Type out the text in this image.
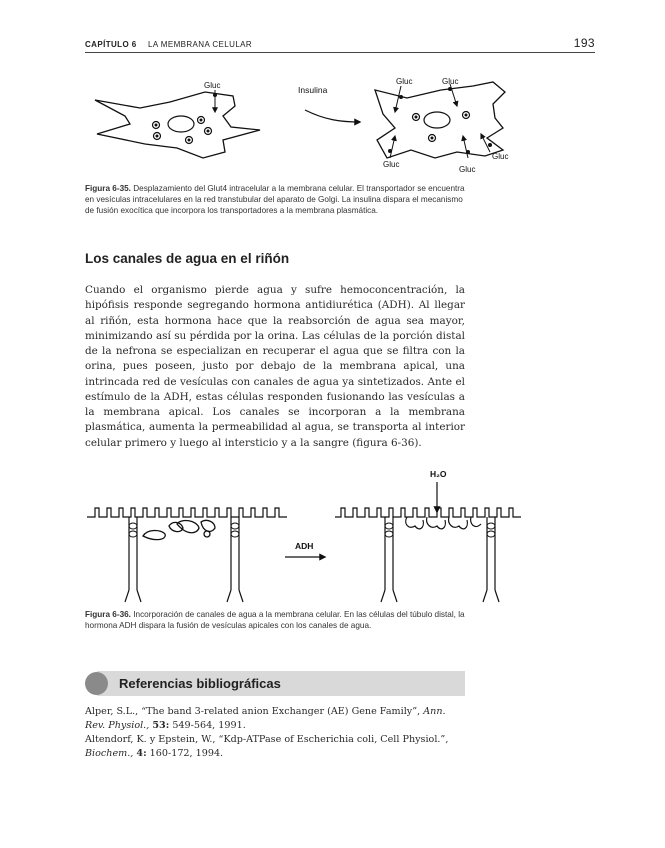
CAPÍTULO 6 LA MEMBRANA CELULAR	193
Gluc	Insulina
Gluc	Gluc
Gluc
Gluc
Gluc
Figura 6-35. Desplazamiento del Glut4 intracelular a la membrana celular. El transportador se encuentra en vesículas intracelulares en la red transtubular del aparato de Golgi. La insulina dispara el mecanismo de fusión exocítica que incorpora los transportadores a la membrana plasmática.
Los canales de agua en el riñón

Cuando el organismo pierde agua y sufre hemoconcentración, la hipófisis responde segregando hormona antidiurética (ADH). Al llegar al riñón, esta hormona hace que la reabsorción de agua sea mayor, minimizando así su pérdida por la orina. Las células de la porción distal de la nefrona se especializan en recuperar el agua que se filtra con la orina, pues poseen, justo por debajo de la membrana apical, una intrincada red de vesículas con canales de agua ya sintetizados. Ante el estímulo de la ADH, estas células responden fusionando las vesículas a la membrana apical. Los canales se incorporan a la membrana plasmática, aumenta la permeabilidad al agua, se transporta al interior celular primero y luego al intersticio y a la sangre (figura 6-36).

ADH
H₂O
Figura 6-36. Incorporación de canales de agua a la membrana celular. En las células del túbulo distal, la hormona ADH dispara la fusión de vesículas apicales con los canales de agua.
Referencias bibliográficas
Alper, S.L., “The band 3-related anion Exchanger (AE) Gene Family”, Ann. Rev. Physiol., 53: 549-564, 1991.
Altendorf, K. y Epstein, W., “Kdp-ATPase of Escherichia coli, Cell Physiol.”, Biochem., 4: 160-172, 1994.
